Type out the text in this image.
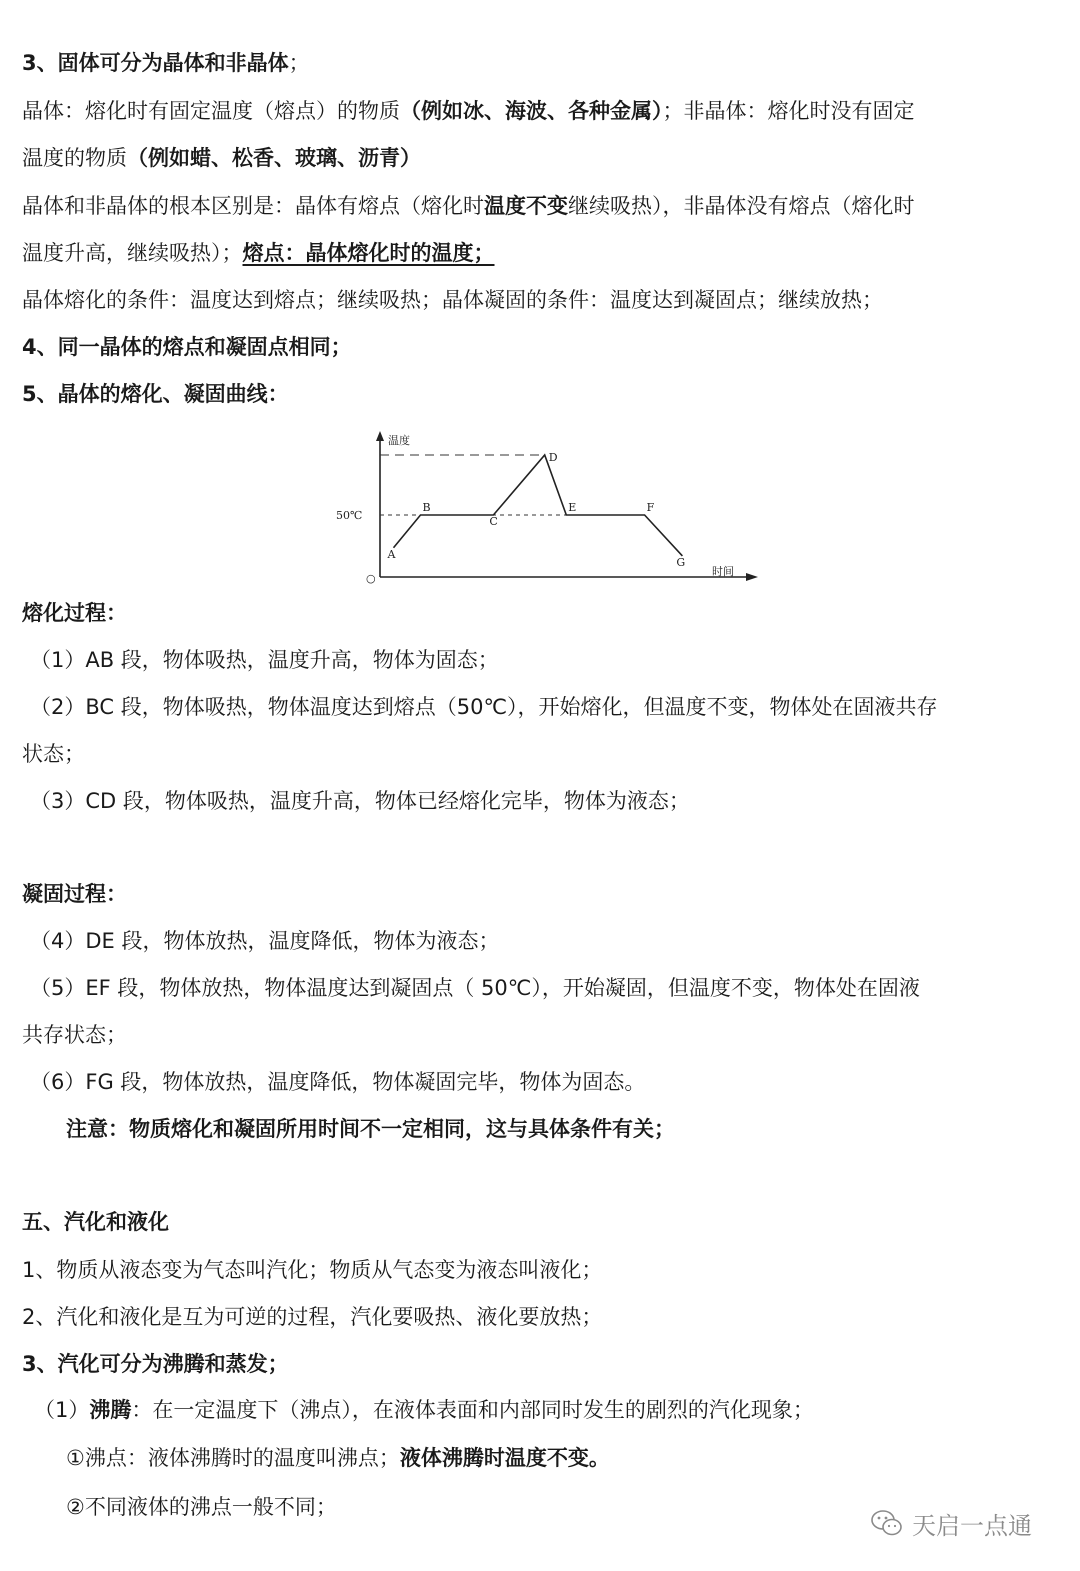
3、固体可分为晶体和非晶体；
晶体：熔化时有固定温度（熔点）的物质（例如冰、海波、各种金属）；非晶体：熔化时没有固定
温度的物质（例如蜡、松香、玻璃、沥青）
晶体和非晶体的根本区别是：晶体有熔点（熔化时温度不变继续吸热），非晶体没有熔点（熔化时
温度升高，继续吸热）；熔点：晶体熔化时的温度；
晶体熔化的条件：温度达到熔点；继续吸热；晶体凝固的条件：温度达到凝固点；继续放热；
4、同一晶体的熔点和凝固点相同；
5、晶体的熔化、凝固曲线：
温度
时间
○
50℃
A
B
C
D
E	F
G
熔化过程：
（1）AB 段，物体吸热，温度升高，物体为固态；
（2）BC 段，物体吸热，物体温度达到熔点（50℃），开始熔化，但温度不变，物体处在固液共存
状态；
（3）CD 段，物体吸热，温度升高，物体已经熔化完毕，物体为液态；
凝固过程：
（4）DE 段，物体放热，温度降低，物体为液态；
（5）EF 段，物体放热，物体温度达到凝固点（ 50℃），开始凝固，但温度不变，物体处在固液
共存状态；
（6）FG 段，物体放热，温度降低，物体凝固完毕，物体为固态。
注意：物质熔化和凝固所用时间不一定相同，这与具体条件有关；
五、汽化和液化
1、物质从液态变为气态叫汽化；物质从气态变为液态叫液化；
2、汽化和液化是互为可逆的过程，汽化要吸热、液化要放热；
3、汽化可分为沸腾和蒸发；
（1）沸腾：在一定温度下（沸点），在液体表面和内部同时发生的剧烈的汽化现象；
①沸点：液体沸腾时的温度叫沸点；液体沸腾时温度不变。
②不同液体的沸点一般不同；
天启一点通
